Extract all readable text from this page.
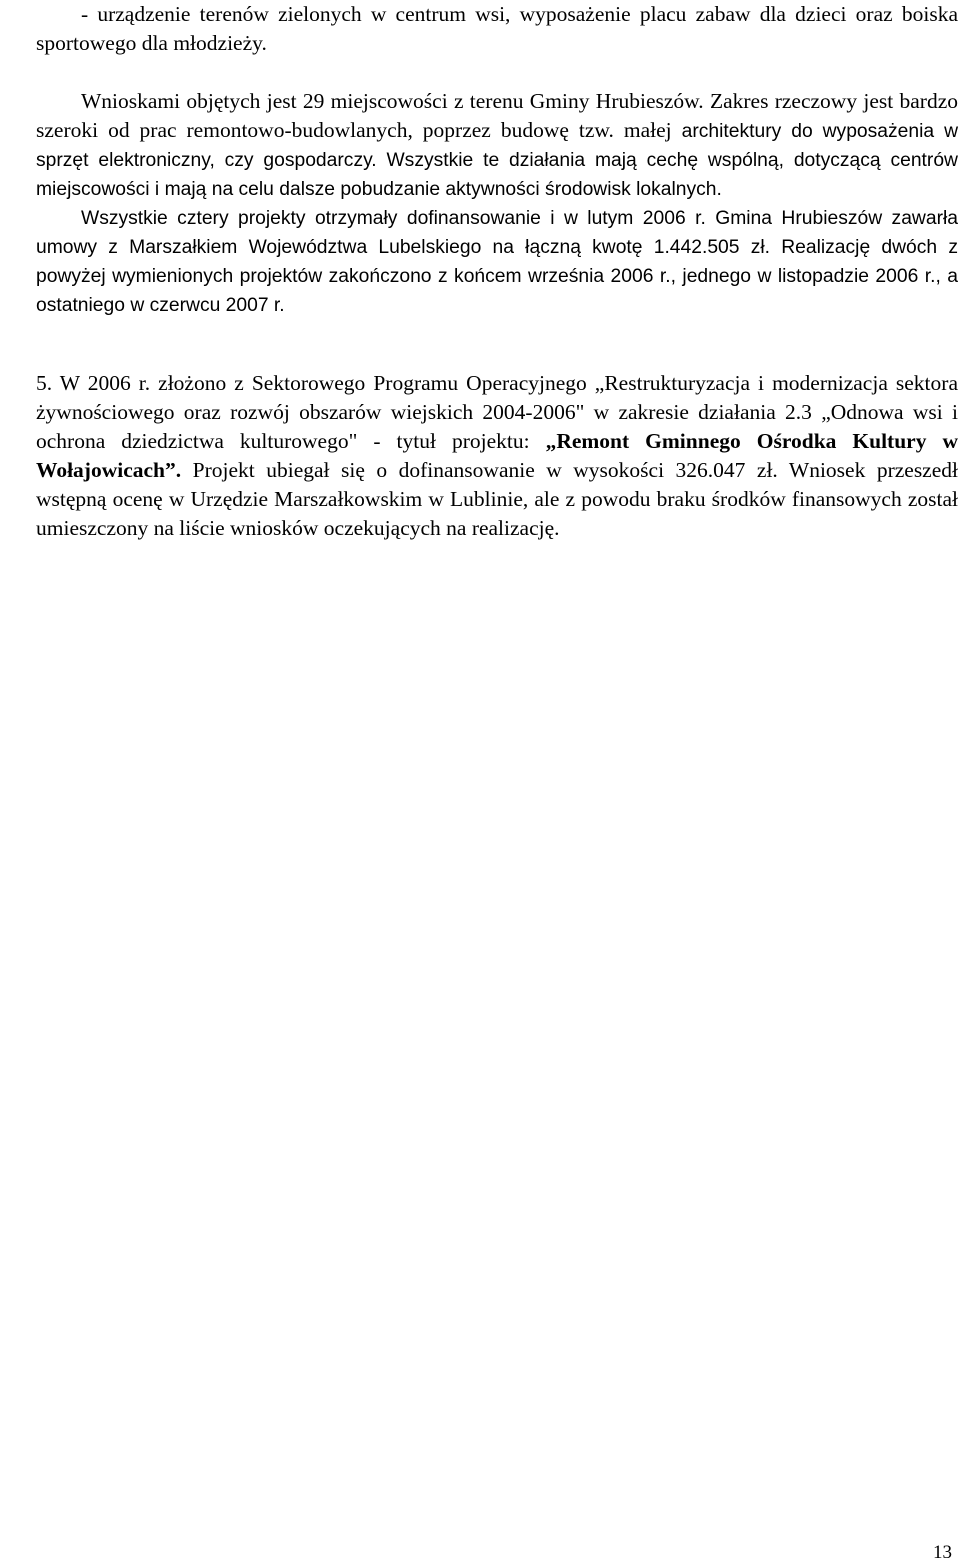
- urządzenie terenów zielonych w centrum wsi, wyposażenie placu zabaw dla dzieci oraz boiska sportowego dla młodzieży.

Wnioskami objętych jest 29 miejscowości z terenu Gminy Hrubieszów. Zakres rzeczowy jest bardzo szeroki od prac remontowo-budowlanych, poprzez budowę tzw. małej architektury do wyposażenia w sprzęt elektroniczny, czy gospodarczy. Wszystkie te działania mają cechę wspólną, dotyczącą centrów miejscowości i mają na celu dalsze pobudzanie aktywności środowisk lokalnych.

Wszystkie cztery projekty otrzymały dofinansowanie i w lutym 2006 r. Gmina Hrubieszów zawarła umowy z Marszałkiem Województwa Lubelskiego na łączną kwotę 1.442.505 zł. Realizację dwóch z powyżej wymienionych projektów zakończono z końcem września 2006 r., jednego w listopadzie 2006 r., a ostatniego w czerwcu 2007 r.

5. W 2006 r. złożono z Sektorowego Programu Operacyjnego „Restrukturyzacja i modernizacja sektora żywnościowego oraz rozwój obszarów wiejskich 2004-2006" w zakresie działania 2.3 „Odnowa wsi i ochrona dziedzictwa kulturowego" - tytuł projektu: „Remont Gminnego Ośrodka Kultury w Wołajowicach”. Projekt ubiegał się o dofinansowanie w wysokości 326.047 zł. Wniosek przeszedł wstępną ocenę w Urzędzie Marszałkowskim w Lublinie, ale z powodu braku środków finansowych został umieszczony na liście wniosków oczekujących na realizację.

13
